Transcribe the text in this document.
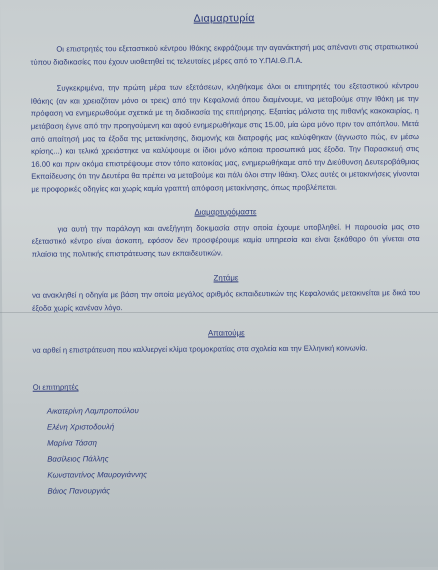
Διαμαρτυρία

Οι επιστρητές του εξεταστικού κέντρου Ιθάκης εκφράζουμε την αγανάκτησή μας απέναντι στις στρατιωτικού τύπου διαδικασίες που έχουν υιοθετηθεί τις τελευταίες μέρες από το Υ.ΠΑΙ.Θ.Π.Α.

Συγκεκριμένα, την πρώτη μέρα των εξετάσεων, κληθήκαμε όλοι οι επιτηρητές του εξεταστικού κέντρου Ιθάκης (αν και χρειαζόταν μόνο οι τρεις) από την Κεφαλονιά όπου διαμένουμε, να μεταβούμε στην Ιθάκη με την πρόφαση να ενημερωθούμε σχετικά με τη διαδικασία της επιτήρησης. Εξαιτίας μάλιστα της πιθανής κακοκαιρίας, η μετάβαση έγινε από την προηγούμενη και αφού ενημερωθήκαμε στις 15.00, μία ώρα μόνο πριν τον απόπλου. Μετά από απαίτησή μας τα έξοδα της μετακίνησης, διαμονής και διατροφής μας καλύφθηκαν (άγνωστο πώς, εν μέσω κρίσης...) και τελικά χρειάστηκε να καλύψουμε οι ίδιοι μόνο κάποια προσωπικά μας έξοδα. Την Παρασκευή στις 16.00 και πριν ακόμα επιστρέψουμε στον τόπο κατοικίας μας, ενημερωθήκαμε από την Διεύθυνση Δευτεροβάθμιας Εκπαίδευσης ότι την Δευτέρα θα πρέπει να μεταβούμε και πάλι όλοι στην Ιθάκη. Όλες αυτές οι μετακινήσεις γίνονται με προφορικές οδηγίες και χωρίς καμία γραπτή απόφαση μετακίνησης, όπως προβλέπεται.

Διαμαρτυρόμαστε

για αυτή την παράλογη και ανεξήγητη δοκιμασία στην οποία έχουμε υποβληθεί. Η παρουσία μας στο εξεταστικό κέντρο είναι άσκοπη, εφόσον δεν προσφέρουμε καμία υπηρεσία και είναι ξεκάθαρο ότι γίνεται στα πλαίσια της πολιτικής επιστράτευσης των εκπαιδευτικών.

Ζητάμε

να ανακληθεί η οδηγία με βάση την οποία μεγάλος αριθμός εκπαιδευτικών της Κεφαλονιάς μετακινείται με δικά του έξοδα χωρίς κανέναν λόγο.

Απαιτούμε

να αρθεί η επιστράτευση που καλλιεργεί κλίμα τρομοκρατίας στα σχολεία και την Ελληνική κοινωνία.

Οι επιτηρητές
Αικατερίνη Λαμπροπούλου
Ελένη Χριστοδουλή
Μαρίνα Τάσση
Βασίλειος Πάλλης
Κωνσταντίνος Μαυρογιάννης
Βάιος Πανουργιάς
